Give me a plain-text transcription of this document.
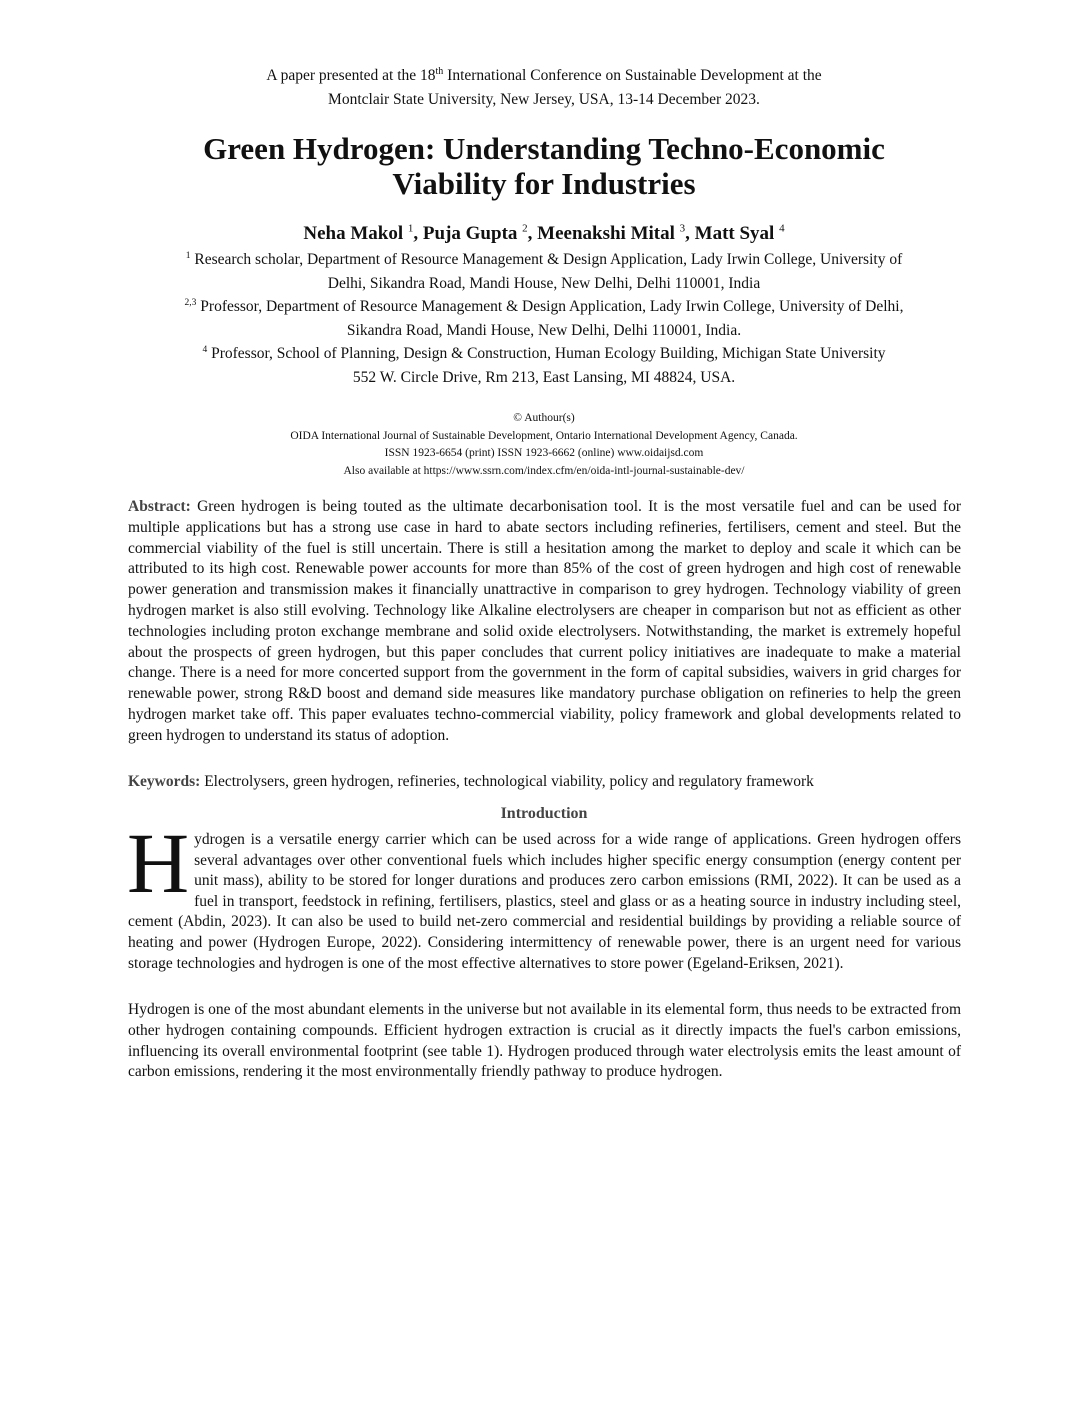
A paper presented at the 18th International Conference on Sustainable Development at the
Montclair State University, New Jersey, USA, 13-14 December 2023.
Green Hydrogen: Understanding Techno-Economic
Viability for Industries
Neha Makol $^1$, Puja Gupta $^2$, Meenakshi Mital $^3$, Matt Syal $^4$
$^1$ Research scholar, Department of Resource Management & Design Application, Lady Irwin College, University of
Delhi, Sikandra Road, Mandi House, New Delhi, Delhi 110001, India
$^{2,3}$ Professor, Department of Resource Management & Design Application, Lady Irwin College, University of Delhi,
Sikandra Road, Mandi House, New Delhi, Delhi 110001, India.
$^4$ Professor, School of Planning, Design & Construction, Human Ecology Building, Michigan State University
552 W. Circle Drive, Rm 213, East Lansing, MI 48824, USA.
© Authour(s)
OIDA International Journal of Sustainable Development, Ontario International Development Agency, Canada.
ISSN 1923-6654 (print) ISSN 1923-6662 (online) www.oidaijsd.com
Also available at https://www.ssrn.com/index.cfm/en/oida-intl-journal-sustainable-dev/

Abstract: Green hydrogen is being touted as the ultimate decarbonisation tool. It is the most versatile fuel and can be used for multiple applications but has a strong use case in hard to abate sectors including refineries, fertilisers, cement and steel. But the commercial viability of the fuel is still uncertain. There is still a hesitation among the market to deploy and scale it which can be attributed to its high cost. Renewable power accounts for more than 85% of the cost of green hydrogen and high cost of renewable power generation and transmission makes it financially unattractive in comparison to grey hydrogen. Technology viability of green hydrogen market is also still evolving. Technology like Alkaline electrolysers are cheaper in comparison but not as efficient as other technologies including proton exchange membrane and solid oxide electrolysers. Notwithstanding, the market is extremely hopeful about the prospects of green hydrogen, but this paper concludes that current policy initiatives are inadequate to make a material change. There is a need for more concerted support from the government in the form of capital subsidies, waivers in grid charges for renewable power, strong R&D boost and demand side measures like mandatory purchase obligation on refineries to help the green hydrogen market take off. This paper evaluates techno-commercial viability, policy framework and global developments related to green hydrogen to understand its status of adoption.

Keywords: Electrolysers, green hydrogen, refineries, technological viability, policy and regulatory framework

Introduction

Hydrogen is a versatile energy carrier which can be used across for a wide range of applications. Green hydrogen offers several advantages over other conventional fuels which includes higher specific energy consumption (energy content per unit mass), ability to be stored for longer durations and produces zero carbon emissions (RMI, 2022). It can be used as a fuel in transport, feedstock in refining, fertilisers, plastics, steel and glass or as a heating source in industry including steel, cement (Abdin, 2023). It can also be used to build net-zero commercial and residential buildings by providing a reliable source of heating and power (Hydrogen Europe, 2022). Considering intermittency of renewable power, there is an urgent need for various storage technologies and hydrogen is one of the most effective alternatives to store power (Egeland-Eriksen, 2021).

Hydrogen is one of the most abundant elements in the universe but not available in its elemental form, thus needs to be extracted from other hydrogen containing compounds. Efficient hydrogen extraction is crucial as it directly impacts the fuel's carbon emissions, influencing its overall environmental footprint (see table 1). Hydrogen produced through water electrolysis emits the least amount of carbon emissions, rendering it the most environmentally friendly pathway to produce hydrogen.
